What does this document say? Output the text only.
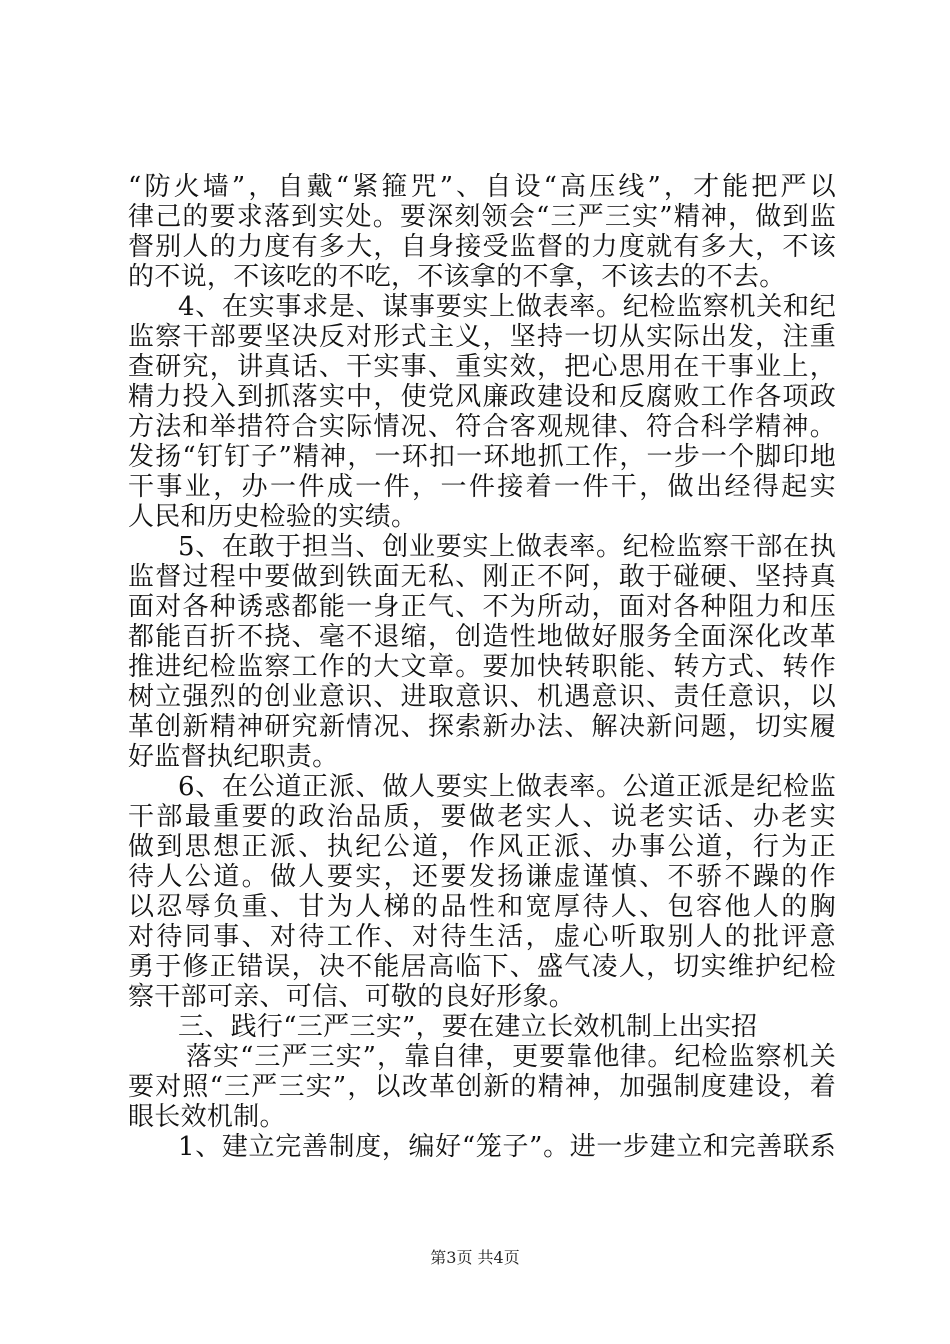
“防火墙”，自戴“紧箍咒”、自设“高压线”，才能把严以
律己的要求落到实处。要深刻领会“三严三实”精神，做到监
督别人的力度有多大，自身接受监督的力度就有多大，不该
的不说，不该吃的不吃，不该拿的不拿，不该去的不去。
4、在实事求是、谋事要实上做表率。纪检监察机关和纪
监察干部要坚决反对形式主义，坚持一切从实际出发，注重
查研究，讲真话、干实事、重实效，把心思用在干事业上，
精力投入到抓落实中，使党风廉政建设和反腐败工作各项政
方法和举措符合实际情况、符合客观规律、符合科学精神。
发扬“钉钉子”精神，一环扣一环地抓工作，一步一个脚印地
干事业，办一件成一件，一件接着一件干，做出经得起实
人民和历史检验的实绩。
5、在敢于担当、创业要实上做表率。纪检监察干部在执
监督过程中要做到铁面无私、刚正不阿，敢于碰硬、坚持真
面对各种诱惑都能一身正气、不为所动，面对各种阻力和压
都能百折不挠、毫不退缩，创造性地做好服务全面深化改革
推进纪检监察工作的大文章。要加快转职能、转方式、转作
树立强烈的创业意识、进取意识、机遇意识、责任意识，以
革创新精神研究新情况、探索新办法、解决新问题，切实履
好监督执纪职责。
6、在公道正派、做人要实上做表率。公道正派是纪检监
干部最重要的政治品质，要做老实人、说老实话、办老实
做到思想正派、执纪公道，作风正派、办事公道，行为正
待人公道。做人要实，还要发扬谦虚谨慎、不骄不躁的作
以忍辱负重、甘为人梯的品性和宽厚待人、包容他人的胸
对待同事、对待工作、对待生活，虚心听取别人的批评意
勇于修正错误，决不能居高临下、盛气凌人，切实维护纪检
察干部可亲、可信、可敬的良好形象。
三、践行“三严三实”，要在建立长效机制上出实招
落实“三严三实”，靠自律，更要靠他律。纪检监察机关
要对照“三严三实”，以改革创新的精神，加强制度建设，着
眼长效机制。
1、建立完善制度，编好“笼子”。进一步建立和完善联系
第3页 共4页
